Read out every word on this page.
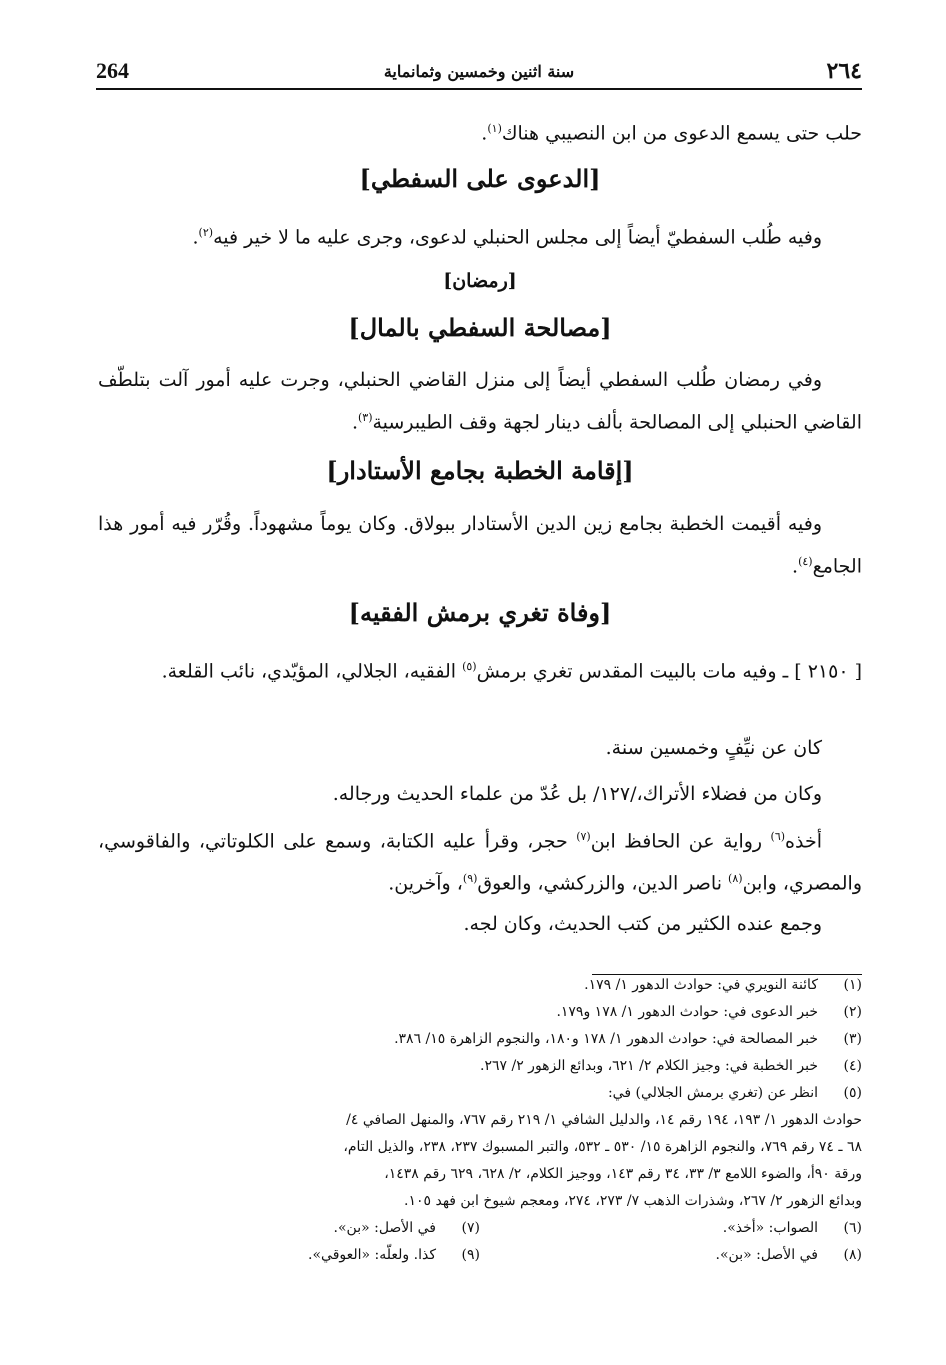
٢٦٤
سنة اثنين وخمسين وثمانماية
264

حلب حتى يسمع الدعوى من ابن النصيبي هناك$^{(١)}$.

[الدعوى على السفطي]

وفيه طُلب السفطيّ أيضاً إلى مجلس الحنبلي لدعوى، وجرى عليه ما لا خير فيه$^{(٢)}$.

[رمضان]
[مصالحة السفطي بالمال]

وفي رمضان طُلب السفطي أيضاً إلى منزل القاضي الحنبلي، وجرت عليه أمور آلت بتلطّف القاضي الحنبلي إلى المصالحة بألف دينار لجهة وقف الطيبرسية$^{(٣)}$.

[إقامة الخطبة بجامع الأستادار]

وفيه أقيمت الخطبة بجامع زين الدين الأستادار ببولاق. وكان يوماً مشهوداً. وقُرّر فيه أمور هذا الجامع$^{(٤)}$.

[وفاة تغري برمش الفقيه]

[ ٢١٥٠ ] ـ وفيه مات بالبيت المقدس تغري برمش$^{(٥)}$ الفقيه، الجلالي، المؤيّدي، نائب القلعة.

كان عن نيِّفٍ وخمسين سنة.

وكان من فضلاء الأتراك،/١٢٧/ بل عُدّ من علماء الحديث ورجاله.

أخذه$^{(٦)}$ رواية عن الحافظ ابن$^{(٧)}$ حجر، وقرأ عليه الكتابة، وسمع على الكلوتاتي، والفاقوسي، والمصري، وابن$^{(٨)}$ ناصر الدين، والزركشي، والعوق$^{(٩)}$، وآخرين.

وجمع عنده الكثير من كتب الحديث، وكان لجه.

(١)
كائنة النويري في: حوادث الدهور ١/ ١٧٩.
(٢)
خبر الدعوى في: حوادث الدهور ١/ ١٧٨ و١٧٩.
(٣)
خبر المصالحة في: حوادث الدهور ١/ ١٧٨ و١٨٠، والنجوم الزاهرة ١٥/ ٣٨٦.
(٤)
خبر الخطبة في: وجيز الكلام ٢/ ٦٢١، وبدائع الزهور ٢/ ٢٦٧.
(٥)
انظر عن (تغري برمش الجلالي) في:
حوادث الدهور ١/ ١٩٣، ١٩٤ رقم ١٤، والدليل الشافي ١/ ٢١٩ رقم ٧٦٧، والمنهل الصافي ٤/
٦٨ ـ ٧٤ رقم ٧٦٩، والنجوم الزاهرة ١٥/ ٥٣٠ ـ ٥٣٢، والتبر المسبوك ٢٣٧، ٢٣٨، والذيل التام،
ورقة ٩٠أ، والضوء اللامع ٣/ ٣٣، ٣٤ رقم ١٤٣، ووجيز الكلام، ٢/ ٦٢٨، ٦٢٩ رقم ١٤٣٨،
وبدائع الزهور ٢/ ٢٦٧، وشذرات الذهب ٧/ ٢٧٣، ٢٧٤، ومعجم شيوخ ابن فهد ١٠٥.
(٦)
الصواب: «أخذ».
(٧)
في الأصل: «بن».
(٨)
في الأصل: «بن».
(٩)
كذا. ولعلّه: «العوقي».
